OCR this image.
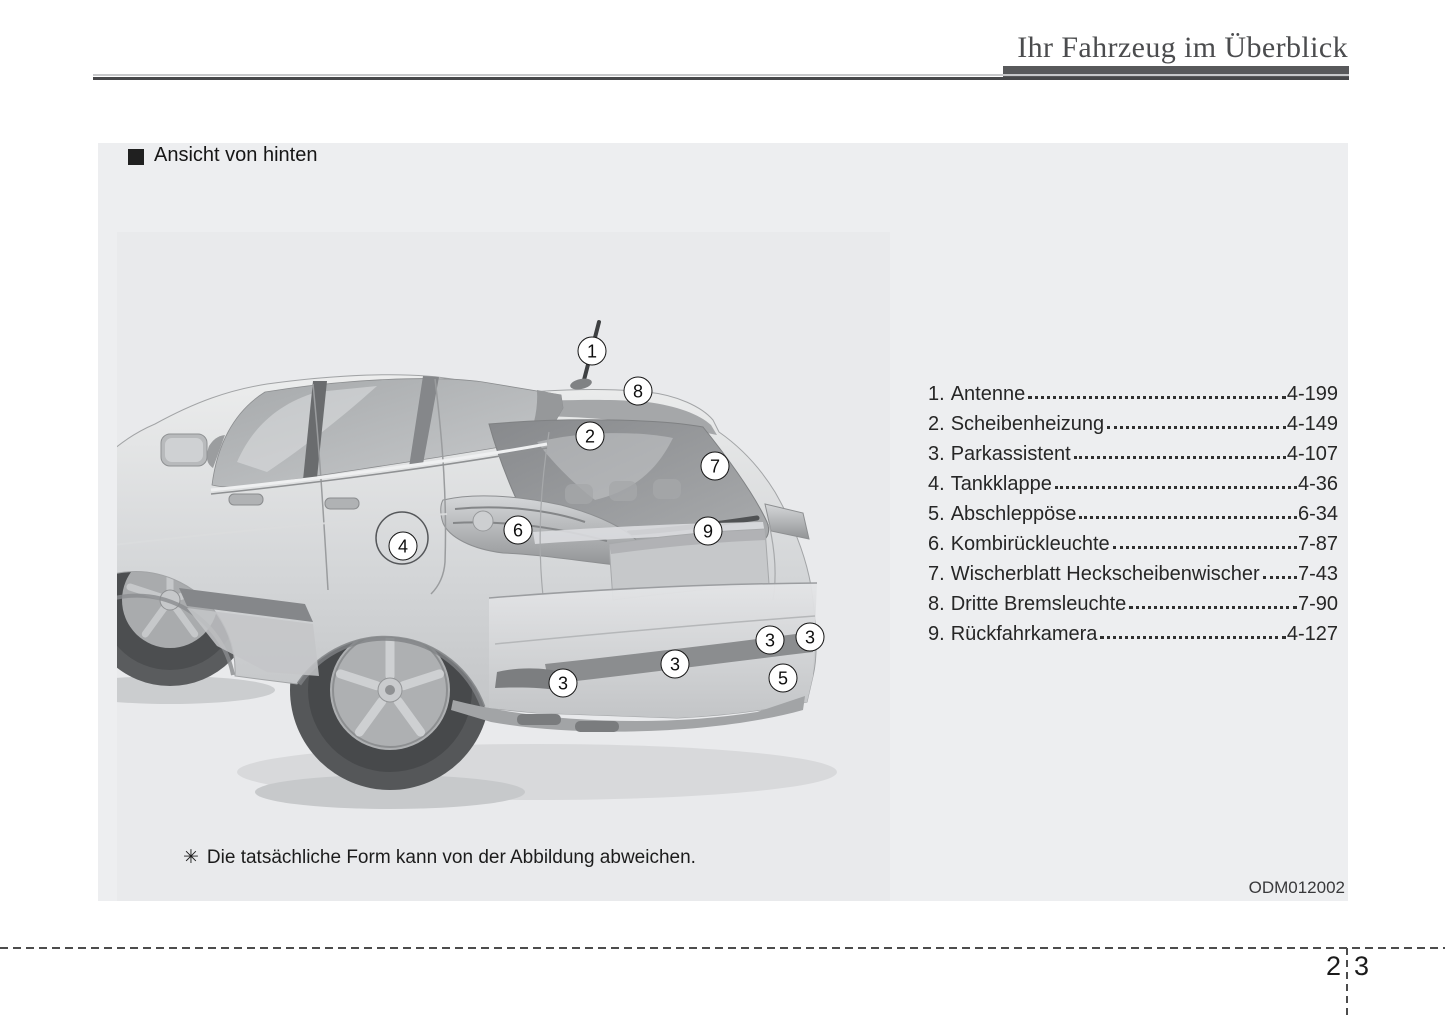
Ihr Fahrzeug im Überblick
Ansicht von hinten
1
8
2
7
6
4
9
3
3
3	3
5
✳ Die tatsächliche Form kann von der Abbildung abweichen.
ODM012002
1. Antenne	4-199
2. Scheibenheizung	4-149
3. Parkassistent	4-107
4. Tankklappe	4-36
5. Abschleppöse	6-34
6. Kombirückleuchte	7-87
7. Wischerblatt Heckscheibenwischer 7-43
8. Dritte Bremsleuchte	7-90
9. Rückfahrkamera	4-127
2 3
